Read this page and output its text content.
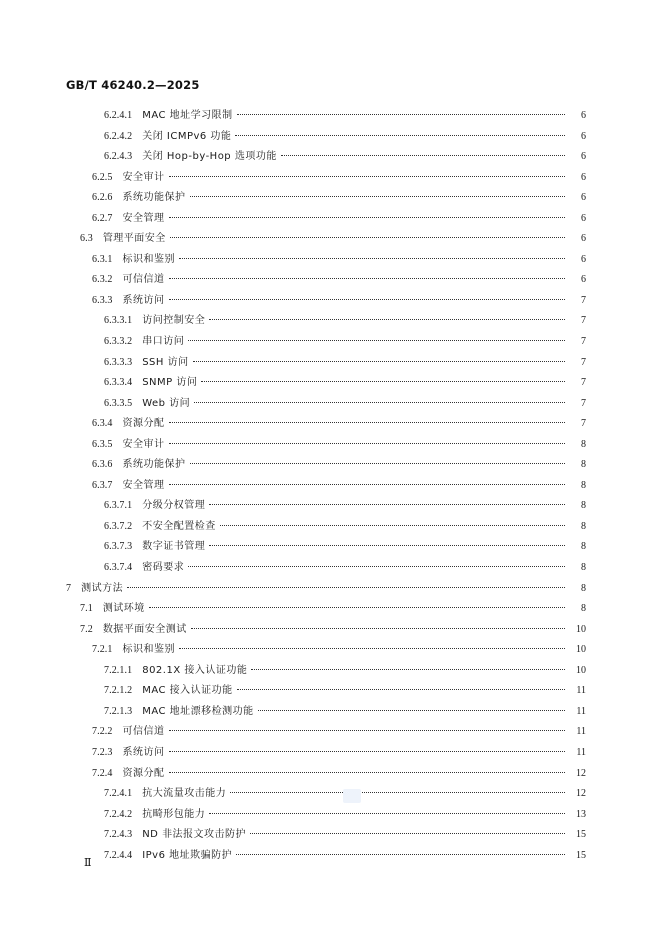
GB/T 46240.2—2025
6.2.4.1 MAC 地址学习限制	6
6.2.4.2 关闭 ICMPv6 功能	6
6.2.4.3 关闭 Hop-by-Hop 选项功能	6
6.2.5 安全审计	6
6.2.6 系统功能保护	6
6.2.7 安全管理	6
6.3 管理平面安全	6
6.3.1 标识和鉴别	6
6.3.2 可信信道	6
6.3.3 系统访问	7
6.3.3.1 访问控制安全	7
6.3.3.2 串口访问	7
6.3.3.3 SSH 访问	7
6.3.3.4 SNMP 访问	7
6.3.3.5 Web 访问	7
6.3.4 资源分配	7
6.3.5 安全审计	8
6.3.6 系统功能保护	8
6.3.7 安全管理	8
6.3.7.1 分级分权管理	8
6.3.7.2 不安全配置检查	8
6.3.7.3 数字证书管理	8
6.3.7.4 密码要求	8
7 测试方法	8
7.1 测试环境	8
7.2 数据平面安全测试	10
7.2.1 标识和鉴别	10
7.2.1.1 802.1X 接入认证功能	10
7.2.1.2 MAC 接入认证功能	11
7.2.1.3 MAC 地址漂移检测功能	11
7.2.2 可信信道	11
7.2.3 系统访问	11
7.2.4 资源分配	12
7.2.4.1 抗大流量攻击能力	12
7.2.4.2 抗畸形包能力	13
7.2.4.3 ND 非法报文攻击防护	15
7.2.4.4 IPv6 地址欺骗防护	15
Ⅱ
